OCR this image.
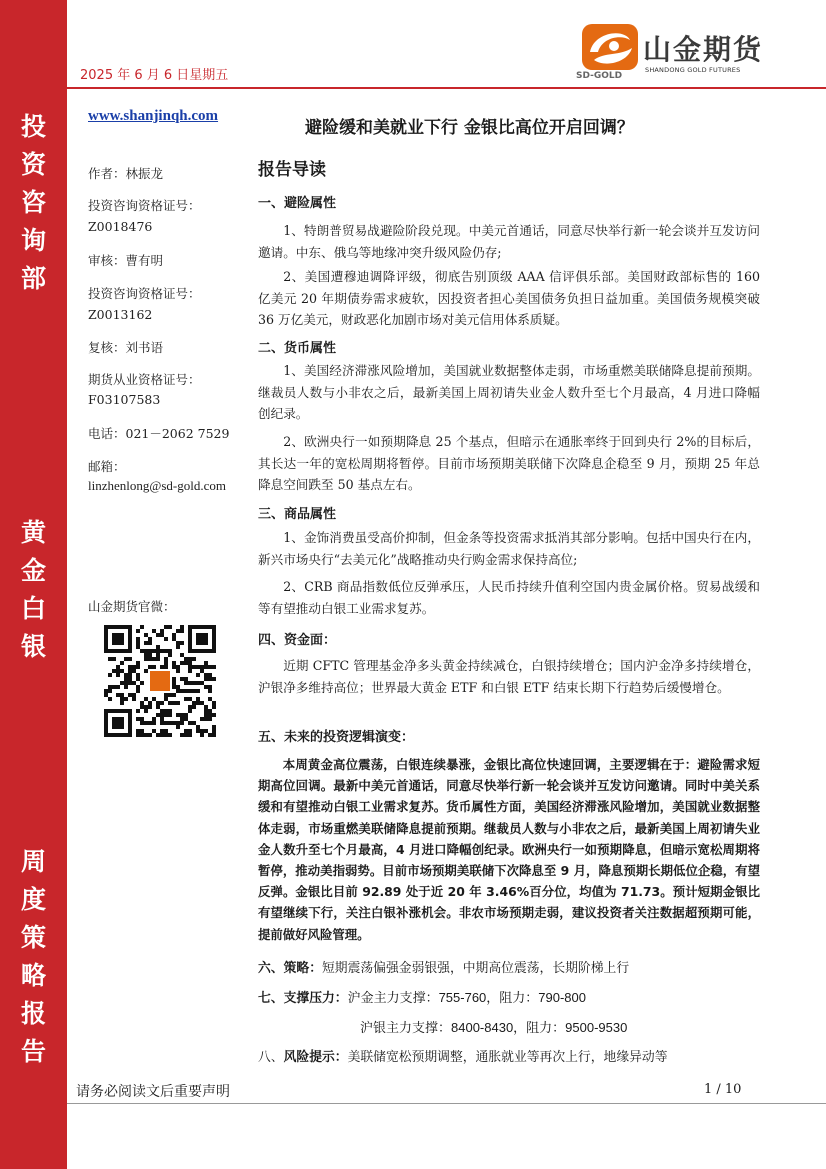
投
资
咨
询
部
黄
金
白
银
周
度
策
略
报
告
2025 年 6 月 6 日星期五	SD-GOLD
山金期货
SHANDONG GOLD FUTURES
www.shanjinqh.com
避险缓和美就业下行 金银比高位开启回调？
作者：林振龙
投资咨询资格证号：
Z0018476
审核：曹有明
投资咨询资格证号：
Z0013162
复核：刘书语
期货从业资格证号：
F03107583
电话：021－2062 7529
邮箱：
linzhenlong@sd-gold.com
山金期货官微：
报告导读
一、避险属性
1、特朗普贸易战避险阶段兑现。中美元首通话，同意尽快举行新一轮会谈并互发访问邀请。中东、俄乌等地缘冲突升级风险仍存;
2、美国遭穆迪调降评级，彻底告别顶级 AAA 信评俱乐部。美国财政部标售的 160 亿美元 20 年期债券需求疲软，因投资者担心美国债务负担日益加重。美国债务规模突破 36 万亿美元，财政恶化加剧市场对美元信用体系质疑。
二、货币属性
1、美国经济滞涨风险增加，美国就业数据整体走弱，市场重燃美联储降息提前预期。继裁员人数与小非农之后，最新美国上周初请失业金人数升至七个月最高，4 月进口降幅创纪录。
2、欧洲央行一如预期降息 25 个基点，但暗示在通胀率终于回到央行 2%的目标后，其长达一年的宽松周期将暂停。目前市场预期美联储下次降息企稳至 9 月，预期 25 年总降息空间跌至 50 基点左右。
三、商品属性
1、金饰消费虽受高价抑制，但金条等投资需求抵消其部分影响。包括中国央行在内，新兴市场央行“去美元化”战略推动央行购金需求保持高位;
2、CRB 商品指数低位反弹承压，人民币持续升值利空国内贵金属价格。贸易战缓和等有望推动白银工业需求复苏。
四、资金面：
近期 CFTC 管理基金净多头黄金持续减仓，白银持续增仓；国内沪金净多持续增仓，沪银净多维持高位；世界最大黄金 ETF 和白银 ETF 结束长期下行趋势后缓慢增仓。
五、未来的投资逻辑演变：
本周黄金高位震荡，白银连续暴涨，金银比高位快速回调，主要逻辑在于：避险需求短期高位回调。最新中美元首通话，同意尽快举行新一轮会谈并互发访问邀请。同时中美关系缓和有望推动白银工业需求复苏。货币属性方面，美国经济滞涨风险增加，美国就业数据整体走弱，市场重燃美联储降息提前预期。继裁员人数与小非农之后，最新美国上周初请失业金人数升至七个月最高，4 月进口降幅创纪录。欧洲央行一如预期降息，但暗示宽松周期将暂停，推动美指弱势。目前市场预期美联储下次降息至 9 月，降息预期长期低位企稳，有望反弹。金银比目前 92.89 处于近 20 年 3.46%百分位，均值为 71.73。预计短期金银比有望继续下行，关注白银补涨机会。非农市场预期走弱，建议投资者关注数据超预期可能，提前做好风险管理。
六、策略：短期震荡偏强金弱银强，中期高位震荡，长期阶梯上行
七、支撑压力：沪金主力支撑：755-760，阻力：790-800
沪银主力支撑：8400-8430，阻力：9500-9530
八、风险提示：美联储宽松预期调整，通胀就业等再次上行，地缘异动等
请务必阅读文后重要声明	1 / 10
